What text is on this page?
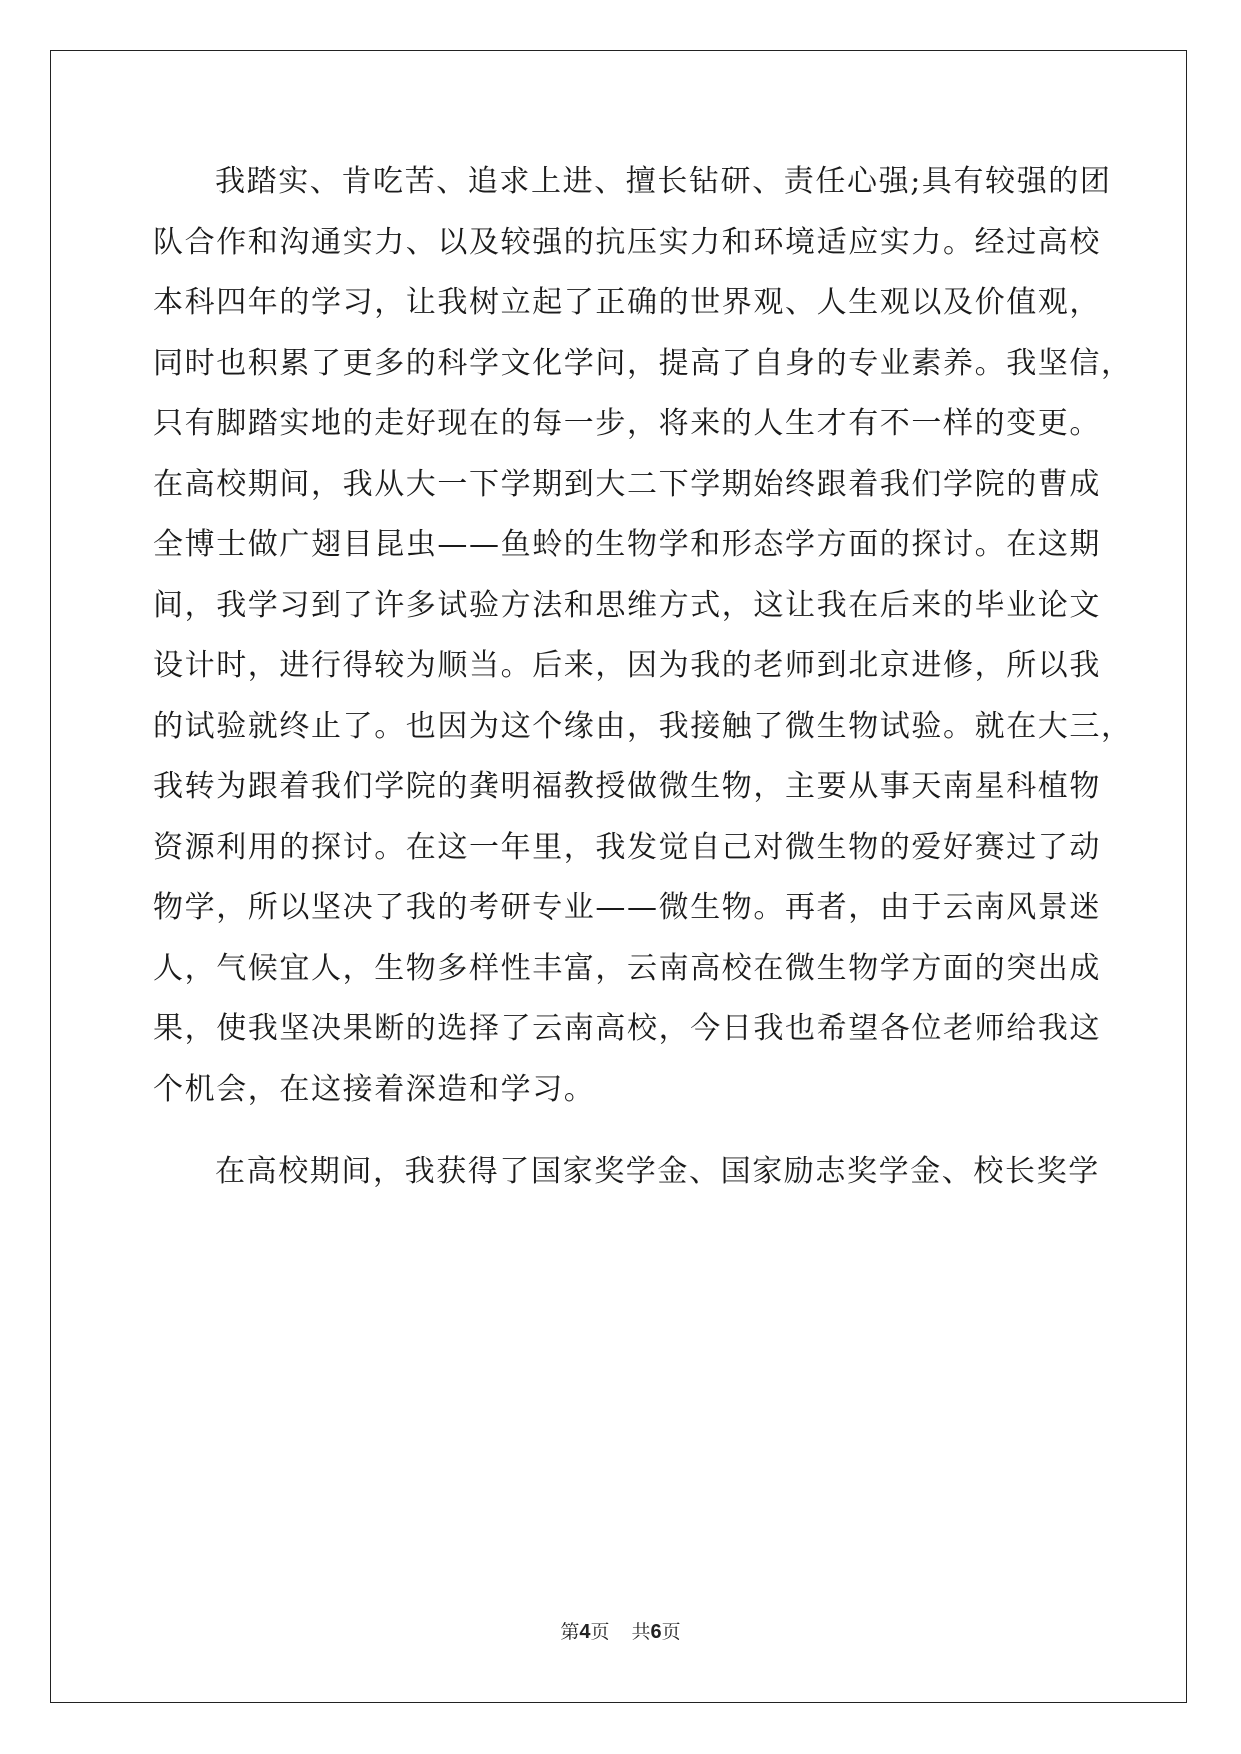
我踏实、肯吃苦、追求上进、擅长钻研、责任心强;具有较强的团
队合作和沟通实力、以及较强的抗压实力和环境适应实力。经过高校
本科四年的学习，让我树立起了正确的世界观、人生观以及价值观，
同时也积累了更多的科学文化学问，提高了自身的专业素养。我坚信，
只有脚踏实地的走好现在的每一步，将来的人生才有不一样的变更。
在高校期间，我从大一下学期到大二下学期始终跟着我们学院的曹成
全博士做广翅目昆虫——鱼蛉的生物学和形态学方面的探讨。在这期
间，我学习到了许多试验方法和思维方式，这让我在后来的毕业论文
设计时，进行得较为顺当。后来，因为我的老师到北京进修，所以我
的试验就终止了。也因为这个缘由，我接触了微生物试验。就在大三，
我转为跟着我们学院的龚明福教授做微生物，主要从事天南星科植物
资源利用的探讨。在这一年里，我发觉自己对微生物的爱好赛过了动
物学，所以坚决了我的考研专业——微生物。再者，由于云南风景迷
人，气候宜人，生物多样性丰富，云南高校在微生物学方面的突出成
果，使我坚决果断的选择了云南高校，今日我也希望各位老师给我这
个机会，在这接着深造和学习。
在高校期间，我获得了国家奖学金、国家励志奖学金、校长奖学
第4页 共6页
